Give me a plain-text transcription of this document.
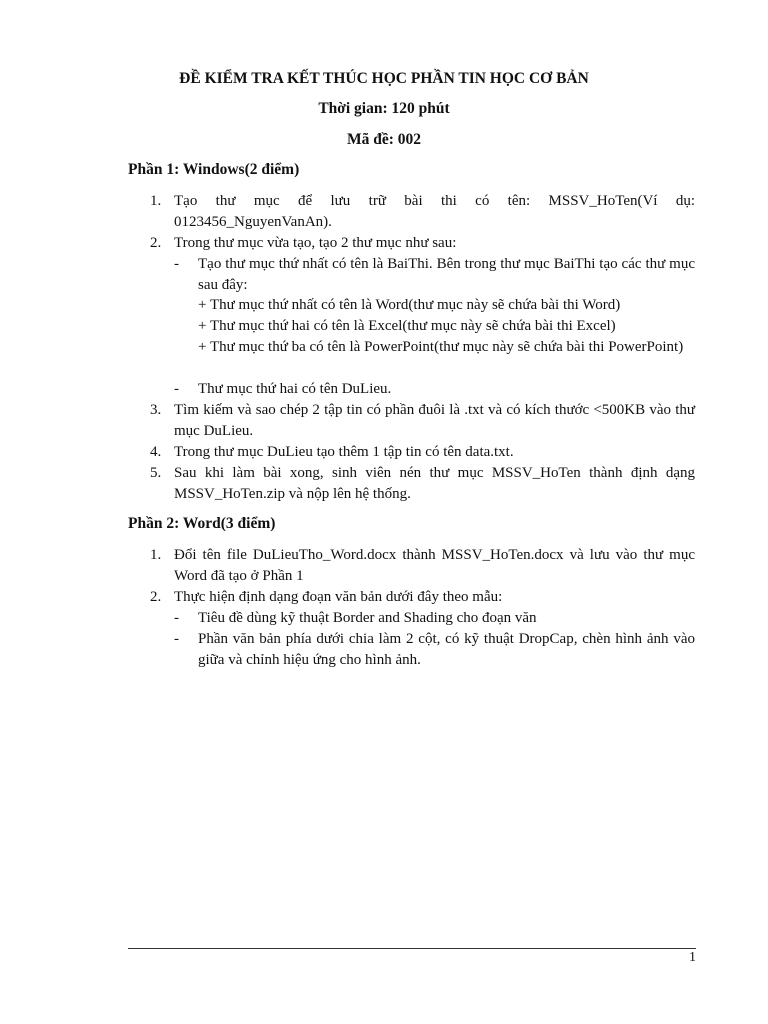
ĐỀ KIỂM TRA KẾT THÚC HỌC PHẦN TIN HỌC CƠ BẢN
Thời gian: 120 phút
Mã đề: 002
Phần 1: Windows(2 điểm)
1. Tạo thư mục để lưu trữ bài thi có tên: MSSV_HoTen(Ví dụ: 0123456_NguyenVanAn).
2. Trong thư mục vừa tạo, tạo 2 thư mục như sau:
- Tạo thư mục thứ nhất có tên là BaiThi. Bên trong thư mục BaiThi tạo các thư mục sau đây:
+ Thư mục thứ nhất có tên là Word(thư mục này sẽ chứa bài thi Word)
+ Thư mục thứ hai có tên là Excel(thư mục này sẽ chứa bài thi Excel)
+ Thư mục thứ ba có tên là PowerPoint(thư mục này sẽ chứa bài thi PowerPoint)
- Thư mục thứ hai có tên DuLieu.
3. Tìm kiếm và sao chép 2 tập tin có phần đuôi là .txt và có kích thước <500KB vào thư mục DuLieu.
4. Trong thư mục DuLieu tạo thêm 1 tập tin có tên data.txt.
5. Sau khi làm bài xong, sinh viên nén thư mục MSSV_HoTen thành định dạng MSSV_HoTen.zip và nộp lên hệ thống.
Phần 2: Word(3 điểm)
1. Đổi tên file DuLieuTho_Word.docx thành MSSV_HoTen.docx và lưu vào thư mục Word đã tạo ở Phần 1
2. Thực hiện định dạng đoạn văn bản dưới đây theo mẫu:
- Tiêu đề dùng kỹ thuật Border and Shading cho đoạn văn
- Phần văn bản phía dưới chia làm 2 cột, có kỹ thuật DropCap, chèn hình ảnh vào giữa và chỉnh hiệu ứng cho hình ảnh.
1
